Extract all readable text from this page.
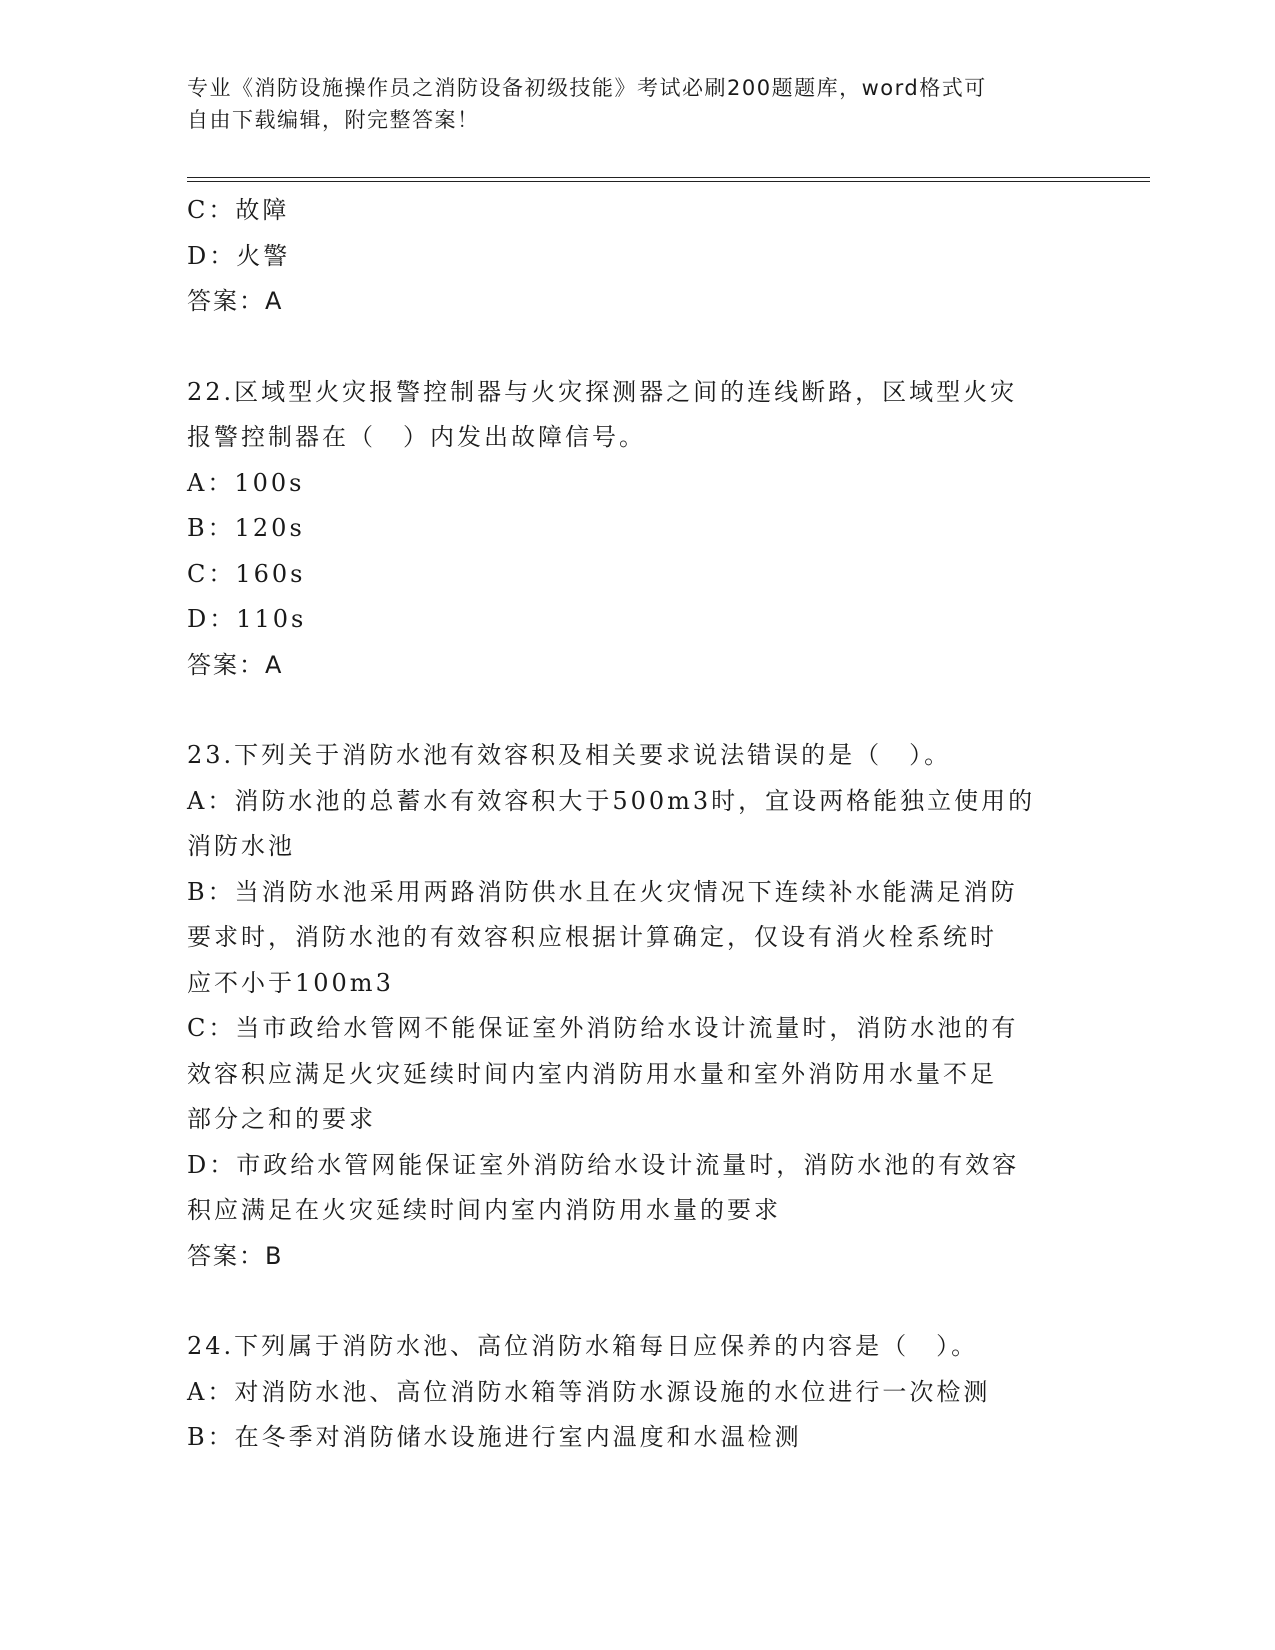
专业《消防设施操作员之消防设备初级技能》考试必刷200题题库，word格式可
自由下载编辑，附完整答案！
C：故障
D：火警
答案：A
22.区域型火灾报警控制器与火灾探测器之间的连线断路，区域型火灾
报警控制器在（　）内发出故障信号。
A：100s
B：120s
C：160s
D：110s
答案：A
23.下列关于消防水池有效容积及相关要求说法错误的是（　）。
A：消防水池的总蓄水有效容积大于500m3时，宜设两格能独立使用的
消防水池
B：当消防水池采用两路消防供水且在火灾情况下连续补水能满足消防
要求时，消防水池的有效容积应根据计算确定，仅设有消火栓系统时
应不小于100m3
C：当市政给水管网不能保证室外消防给水设计流量时，消防水池的有
效容积应满足火灾延续时间内室内消防用水量和室外消防用水量不足
部分之和的要求
D：市政给水管网能保证室外消防给水设计流量时，消防水池的有效容
积应满足在火灾延续时间内室内消防用水量的要求
答案：B
24.下列属于消防水池、高位消防水箱每日应保养的内容是（　）。
A：对消防水池、高位消防水箱等消防水源设施的水位进行一次检测
B：在冬季对消防储水设施进行室内温度和水温检测
